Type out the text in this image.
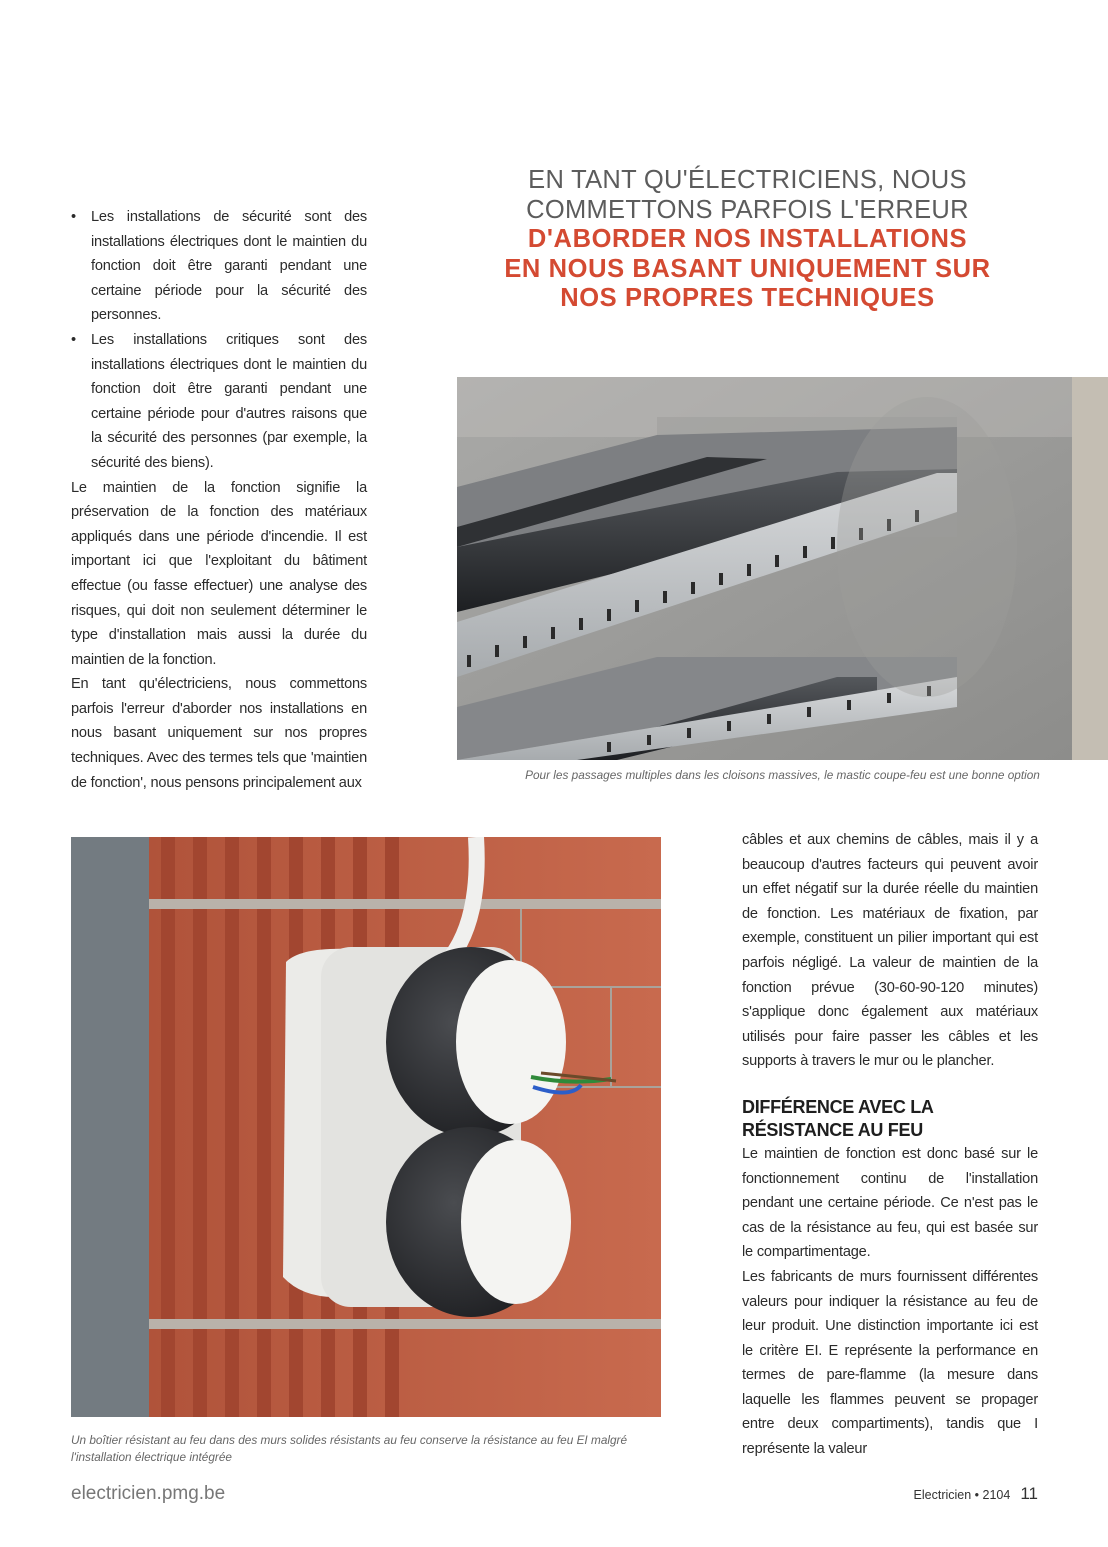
• Les installations de sécurité sont des installations électriques dont le maintien du fonction doit être garanti pendant une certaine période pour la sécurité des personnes.
• Les installations critiques sont des installations électriques dont le maintien du fonction doit être garanti pendant une certaine période pour d'autres raisons que la sécurité des personnes (par exemple, la sécurité des biens).

Le maintien de la fonction signifie la préservation de la fonction des matériaux appliqués dans une période d'incendie. Il est important ici que l'exploitant du bâtiment effectue (ou fasse effectuer) une analyse des risques, qui doit non seulement déterminer le type d'installation mais aussi la durée du maintien de la fonction.

En tant qu'électriciens, nous commettons parfois l'erreur d'aborder nos installations en nous basant uniquement sur nos propres techniques. Avec des termes tels que 'maintien de fonction', nous pensons principalement aux

EN TANT QU'ÉLECTRICIENS, NOUS
COMMETTONS PARFOIS L'ERREUR
D'ABORDER NOS INSTALLATIONS
EN NOUS BASANT UNIQUEMENT SUR
NOS PROPRES TECHNIQUES
Pour les passages multiples dans les cloisons massives, le mastic coupe-feu est une bonne option
Un boîtier résistant au feu dans des murs solides résistants au feu conserve la résistance au feu EI malgré l'installation électrique intégrée

câbles et aux chemins de câbles, mais il y a beaucoup d'autres facteurs qui peuvent avoir un effet négatif sur la durée réelle du maintien de fonction. Les matériaux de fixation, par exemple, constituent un pilier important qui est parfois négligé. La valeur de maintien de la fonction prévue (30-60-90-120 minutes) s'applique donc également aux matériaux utilisés pour faire passer les câbles et les supports à travers le mur ou le plancher.

DIFFÉRENCE AVEC LA RÉSISTANCE AU FEU

Le maintien de fonction est donc basé sur le fonctionnement continu de l'installation pendant une certaine période. Ce n'est pas le cas de la résistance au feu, qui est basée sur le compartimentage.

Les fabricants de murs fournissent différentes valeurs pour indiquer la résistance au feu de leur produit. Une distinction importante ici est le critère EI. E représente la performance en termes de pare-flamme (la mesure dans laquelle les flammes peuvent se propager entre deux compartiments), tandis que I représente la valeur

electricien.pmg.be	Electricien • 2104 11
